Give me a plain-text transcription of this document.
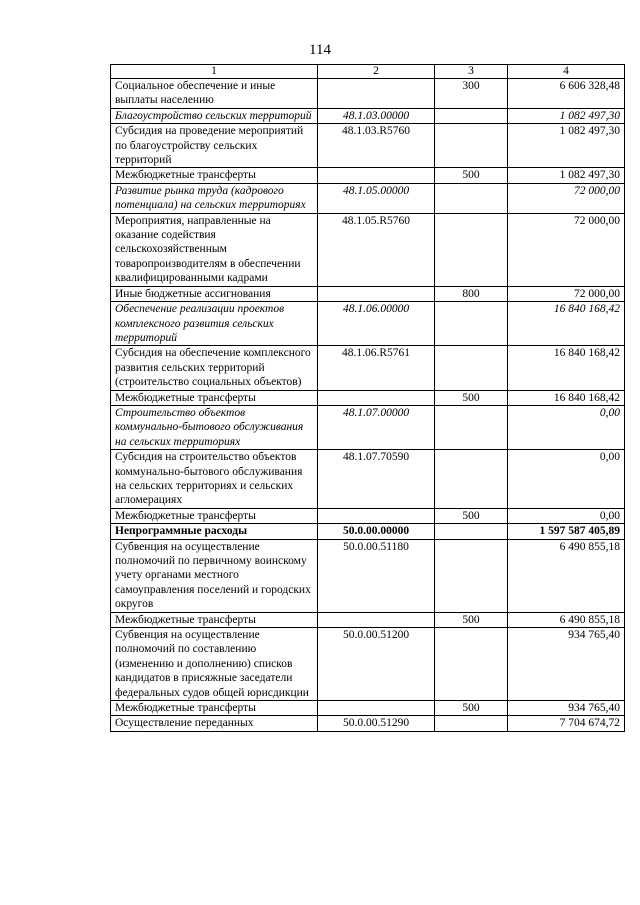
114
1	2	3	4
Социальное обеспечение и иные выплаты населению		300	6 606 328,48
Благоустройство сельских территорий	48.1.03.00000		1 082 497,30
Субсидия на проведение мероприятий по благоустройству сельских территорий	48.1.03.R5760		1 082 497,30
Межбюджетные трансферты		500	1 082 497,30
Развитие рынка труда (кадрового потенциала) на сельских территориях	48.1.05.00000		72 000,00
Мероприятия, направленные на оказание содействия сельскохозяйственным товаропроизводителям в обеспечении квалифицированными кадрами	48.1.05.R5760		72 000,00
Иные бюджетные ассигнования		800	72 000,00
Обеспечение реализации проектов комплексного развития сельских территорий	48.1.06.00000		16 840 168,42
Субсидия на обеспечение комплексного развития сельских территорий (строительство социальных объектов)	48.1.06.R5761		16 840 168,42
Межбюджетные трансферты		500	16 840 168,42
Строительство объектов коммунально-бытового обслуживания на сельских территориях	48.1.07.00000		0,00
Субсидия на строительство объектов коммунально-бытового обслуживания на сельских территориях и сельских агломерациях	48.1.07.70590		0,00
Межбюджетные трансферты		500	0,00
Непрограммные расходы	50.0.00.00000		1 597 587 405,89
Субвенция на осуществление полномочий по первичному воинскому учету органами местного самоуправления поселений и городских округов	50.0.00.51180		6 490 855,18
Межбюджетные трансферты		500	6 490 855,18
Субвенция на осуществление полномочий по составлению (изменению и дополнению) списков кандидатов в присяжные заседатели федеральных судов общей юрисдикции	50.0.00.51200		934 765,40
Межбюджетные трансферты		500	934 765,40
Осуществление переданных	50.0.00.51290		7 704 674,72
